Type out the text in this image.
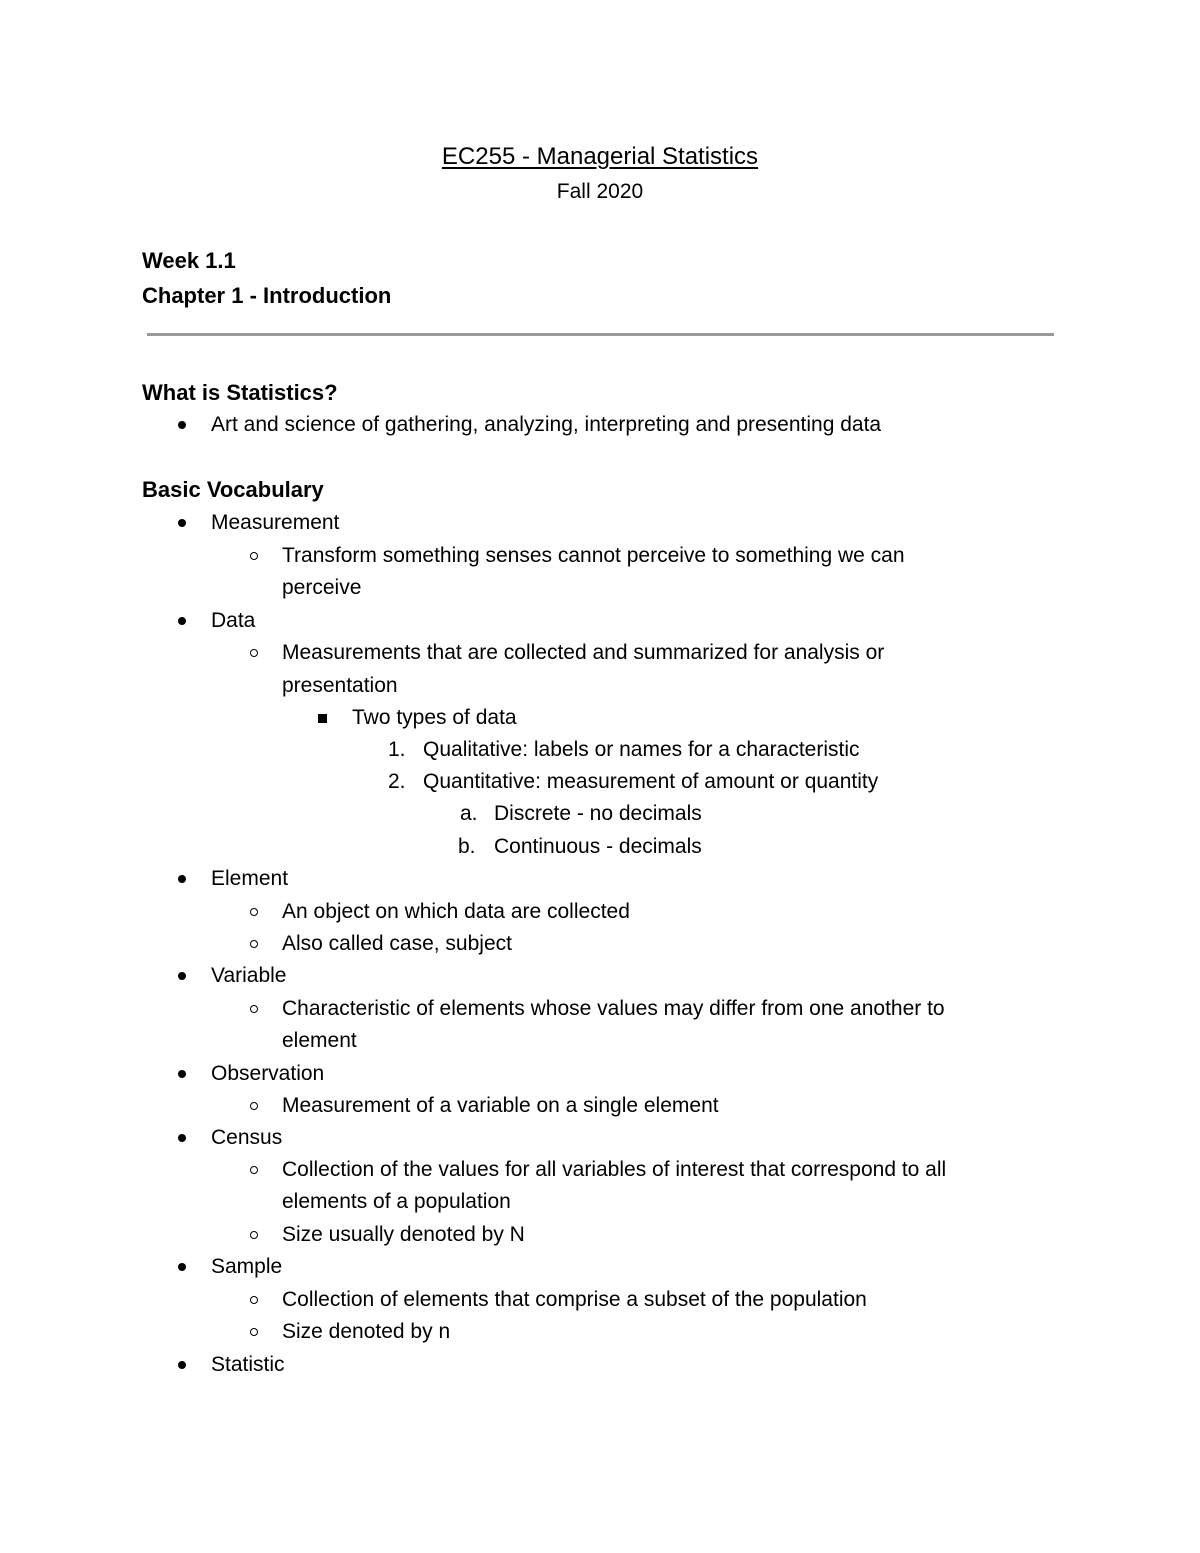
EC255 - Managerial Statistics
Fall 2020
Week 1.1
Chapter 1 - Introduction
What is Statistics?
Art and science of gathering, analyzing, interpreting and presenting data
Basic Vocabulary
Measurement
Transform something senses cannot perceive to something we can
perceive
Data
Measurements that are collected and summarized for analysis or
presentation
Two types of data
1. Qualitative: labels or names for a characteristic
2. Quantitative: measurement of amount or quantity
a. Discrete - no decimals
b. Continuous - decimals
Element
An object on which data are collected
Also called case, subject
Variable
Characteristic of elements whose values may differ from one another to
element
Observation
Measurement of a variable on a single element
Census
Collection of the values for all variables of interest that correspond to all
elements of a population
Size usually denoted by N
Sample
Collection of elements that comprise a subset of the population
Size denoted by n
Statistic
